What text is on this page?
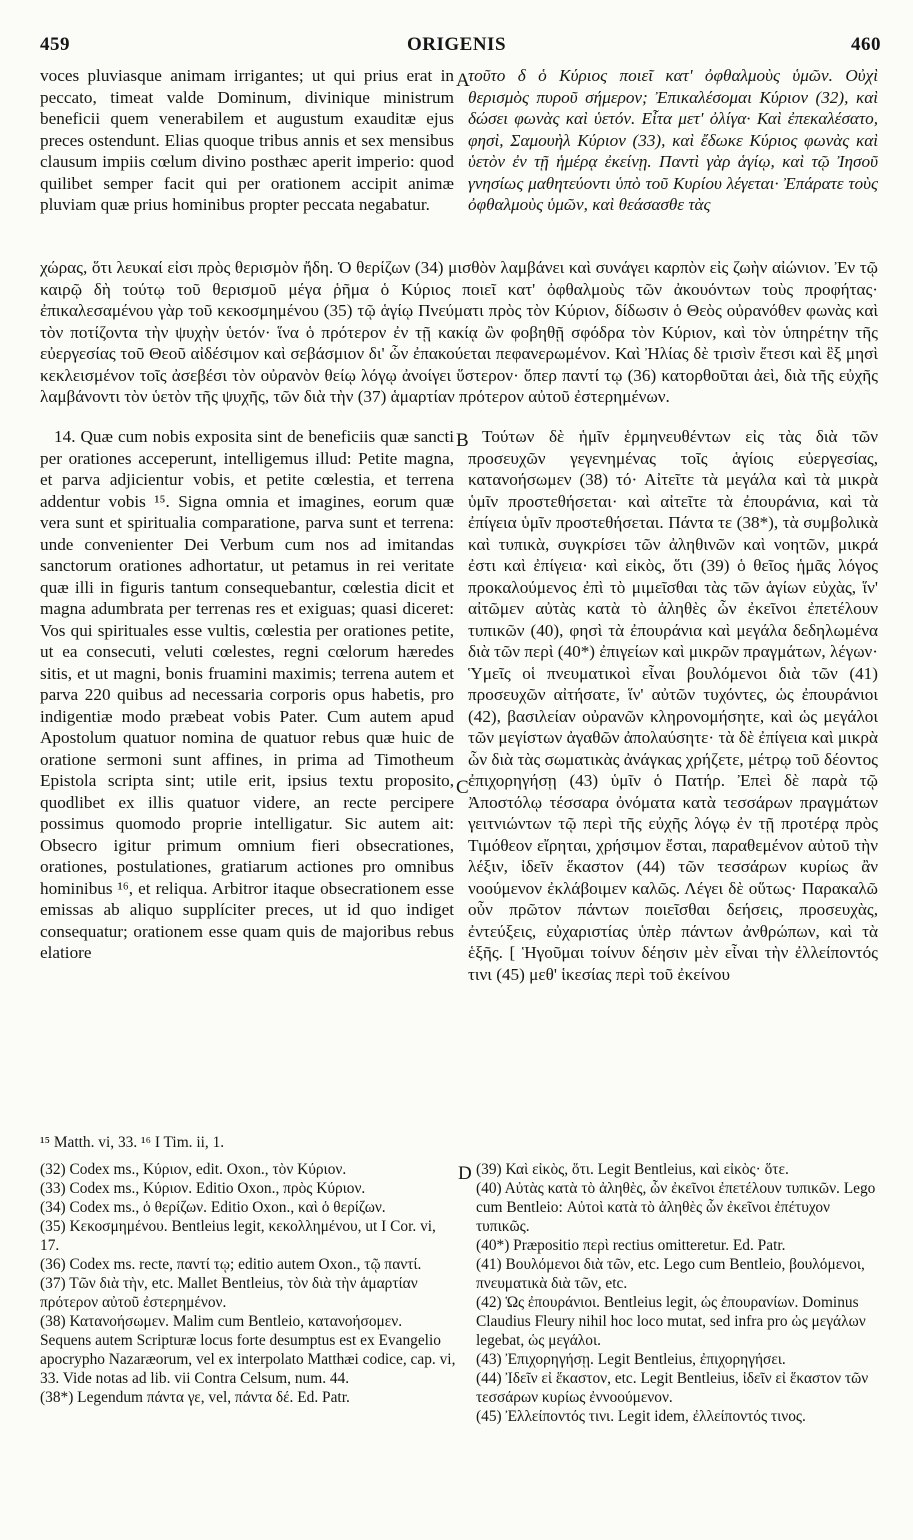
459	ORIGENIS	460
A
B
C
D

voces pluviasque animam irrigantes; ut qui prius erat in peccato, timeat valde Dominum, divinique ministrum beneficii quem venerabilem et augustum exauditæ ejus preces ostendunt. Elias quoque tribus annis et sex mensibus clausum impiis cœlum divino posthæc aperit imperio: quod quilibet semper facit qui per orationem accipit animæ pluviam quæ prius hominibus propter peccata negabatur.

τοῦτο δ ὁ Κύριος ποιεῖ κατ' ὀφθαλμοὺς ὑμῶν. Οὐχὶ θερισμὸς πυροῦ σήμερον; Ἐπικαλέσομαι Κύριον (32), καὶ δώσει φωνὰς καὶ ὑετόν. Εἶτα μετ' ὀλίγα· Καὶ ἐπεκαλέσατο, φησὶ, Σαμουὴλ Κύριον (33), καὶ ἔδωκε Κύριος φωνὰς καὶ ὑετὸν ἐν τῇ ἡμέρᾳ ἐκείνῃ. Παντὶ γὰρ ἁγίῳ, καὶ τῷ Ἰησοῦ γνησίως μαθητεύοντι ὑπὸ τοῦ Κυρίου λέγεται· Ἐπάρατε τοὺς ὀφθαλμοὺς ὑμῶν, καὶ θεάσασθε τὰς

χώρας, ὅτι λευκαί εἰσι πρὸς θερισμὸν ἤδη. Ὁ θερίζων (34) μισθὸν λαμβάνει καὶ συνάγει καρπὸν εἰς ζωὴν αἰώνιον. Ἐν τῷ καιρῷ δὴ τούτῳ τοῦ θερισμοῦ μέγα ῥῆμα ὁ Κύριος ποιεῖ κατ' ὀφθαλμοὺς τῶν ἀκουόντων τοὺς προφήτας· ἐπικαλεσαμένου γὰρ τοῦ κεκοσμημένου (35) τῷ ἁγίῳ Πνεύματι πρὸς τὸν Κύριον, δίδωσιν ὁ Θεὸς οὐρανόθεν φωνὰς καὶ τὸν ποτίζοντα τὴν ψυχὴν ὑετόν· ἵνα ὁ πρότερον ἐν τῇ κακίᾳ ὢν φοβηθῇ σφόδρα τὸν Κύριον, καὶ τὸν ὑπηρέτην τῆς εὐεργεσίας τοῦ Θεοῦ αἰδέσιμον καὶ σεβάσμιον δι' ὧν ἐπακούεται πεφανερωμένον. Καὶ Ἠλίας δὲ τρισὶν ἔτεσι καὶ ἓξ μησὶ κεκλεισμένον τοῖς ἀσεβέσι τὸν οὐρανὸν θείῳ λόγῳ ἀνοίγει ὕστερον· ὅπερ παντί τῳ (36) κατορθοῦται ἀεὶ, διὰ τῆς εὐχῆς λαμβάνοντι τὸν ὑετὸν τῆς ψυχῆς, τῶν διὰ τὴν (37) ἁμαρτίαν πρότερον αὐτοῦ ἐστερημένων.

14. Quæ cum nobis exposita sint de beneficiis quæ sancti per orationes acceperunt, intelligemus illud: Petite magna, et parva adjicientur vobis, et petite cœlestia, et terrena addentur vobis ¹⁵. Signa omnia et imagines, eorum quæ vera sunt et spiritualia comparatione, parva sunt et terrena: unde convenienter Dei Verbum cum nos ad imitandas sanctorum orationes adhortatur, ut petamus in rei veritate quæ illi in figuris tantum consequebantur, cœlestia dicit et magna adumbrata per terrenas res et exiguas; quasi diceret: Vos qui spirituales esse vultis, cœlestia per orationes petite, ut ea consecuti, veluti cœlestes, regni cœlorum hæredes sitis, et ut magni, bonis fruamini maximis; terrena autem et parva 220 quibus ad necessaria corporis opus habetis, pro indigentiæ modo præbeat vobis Pater. Cum autem apud Apostolum quatuor nomina de quatuor rebus quæ huic de oratione sermoni sunt affines, in prima ad Timotheum Epistola scripta sint; utile erit, ipsius textu proposito, quodlibet ex illis quatuor videre, an recte percipere possimus quomodo proprie intelligatur. Sic autem ait: Obsecro igitur primum omnium fieri obsecrationes, orationes, postulationes, gratiarum actiones pro omnibus hominibus ¹⁶, et reliqua. Arbitror itaque obsecrationem esse emissas ab aliquo supplíciter preces, ut id quo indiget consequatur; orationem esse quam quis de majoribus rebus elatiore

Τούτων δὲ ἡμῖν ἑρμηνευθέντων εἰς τὰς διὰ τῶν προσευχῶν γεγενημένας τοῖς ἁγίοις εὐεργεσίας, κατανοήσωμεν (38) τό· Αἰτεῖτε τὰ μεγάλα καὶ τὰ μικρὰ ὑμῖν προστεθήσεται· καὶ αἰτεῖτε τὰ ἐπουράνια, καὶ τὰ ἐπίγεια ὑμῖν προστεθήσεται. Πάντα τε (38*), τὰ συμβολικὰ καὶ τυπικὰ, συγκρίσει τῶν ἀληθινῶν καὶ νοητῶν, μικρά ἐστι καὶ ἐπίγεια· καὶ εἰκὸς, ὅτι (39) ὁ θεῖος ἡμᾶς λόγος προκαλούμενος ἐπὶ τὸ μιμεῖσθαι τὰς τῶν ἁγίων εὐχὰς, ἵν' αἰτῶμεν αὐτὰς κατὰ τὸ ἀληθὲς ὧν ἐκεῖνοι ἐπετέλουν τυπικῶν (40), φησὶ τὰ ἐπουράνια καὶ μεγάλα δεδηλωμένα διὰ τῶν περὶ (40*) ἐπιγείων καὶ μικρῶν πραγμάτων, λέγων· Ὑμεῖς οἱ πνευματικοὶ εἶναι βουλόμενοι διὰ τῶν (41) προσευχῶν αἰτήσατε, ἵν' αὐτῶν τυχόντες, ὡς ἐπουράνιοι (42), βασιλείαν οὐρανῶν κληρονομήσητε, καὶ ὡς μεγάλοι τῶν μεγίστων ἀγαθῶν ἀπολαύσητε· τὰ δὲ ἐπίγεια καὶ μικρὰ ὧν διὰ τὰς σωματικὰς ἀνάγκας χρήζετε, μέτρῳ τοῦ δέοντος ἐπιχορηγήσῃ (43) ὑμῖν ὁ Πατήρ. Ἐπεὶ δὲ παρὰ τῷ Ἀποστόλῳ τέσσαρα ὀνόματα κατὰ τεσσάρων πραγμάτων γειτνιώντων τῷ περὶ τῆς εὐχῆς λόγῳ ἐν τῇ προτέρᾳ πρὸς Τιμόθεον εἴρηται, χρήσιμον ἔσται, παραθεμένον αὐτοῦ τὴν λέξιν, ἰδεῖν ἕκαστον (44) τῶν τεσσάρων κυρίως ἂν νοούμενον ἐκλάβοιμεν καλῶς. Λέγει δὲ οὕτως· Παρακαλῶ οὖν πρῶτον πάντων ποιεῖσθαι δεήσεις, προσευχὰς, ἐντεύξεις, εὐχαριστίας ὑπὲρ πάντων ἀνθρώπων, καὶ τὰ ἑξῆς. [ Ἡγοῦμαι τοίνυν δέησιν μὲν εἶναι τὴν ἐλλείποντός τινι (45) μεθ' ἱκεσίας περὶ τοῦ ἐκείνου

¹⁵ Matth. vi, 33. ¹⁶ I Tim. ii, 1.

(32) Codex ms., Κύριον, edit. Oxon., τὸν Κύριον.

(33) Codex ms., Κύριον. Editio Oxon., πρὸς Κύριον.

(34) Codex ms., ὁ θερίζων. Editio Oxon., καὶ ὁ θερίζων.

(35) Κεκοσμημένου. Bentleius legit, κεκολλημένου, ut I Cor. vi, 17.

(36) Codex ms. recte, παντί τῳ; editio autem Oxon., τῷ παντί.

(37) Τῶν διὰ τὴν, etc. Mallet Bentleius, τὸν διὰ τὴν ἁμαρτίαν πρότερον αὐτοῦ ἐστερημένον.

(38) Κατανοήσωμεν. Malim cum Bentleio, κατανοήσομεν. Sequens autem Scripturæ locus forte desumptus est ex Evangelio apocrypho Nazaræorum, vel ex interpolato Matthæi codice, cap. vi, 33. Vide notas ad lib. vii Contra Celsum, num. 44.

(38*) Legendum πάντα γε, vel, πάντα δέ. Ed. Patr.

(39) Καὶ εἰκὸς, ὅτι. Legit Bentleius, καὶ εἰκὸς· ὅτε.

(40) Αὐτὰς κατὰ τὸ ἀληθὲς, ὧν ἐκεῖνοι ἐπετέλουν τυπικῶν. Lego cum Bentleio: Αὐτοὶ κατὰ τὸ ἀληθὲς ὧν ἐκεῖνοι ἐπέτυχον τυπικῶς.

(40*) Præpositio περὶ rectius omitteretur. Ed. Patr.

(41) Βουλόμενοι διὰ τῶν, etc. Lego cum Bentleio, βουλόμενοι, πνευματικὰ διὰ τῶν, etc.

(42) Ὡς ἐπουράνιοι. Bentleius legit, ὡς ἐπουρανίων. Dominus Claudius Fleury nihil hoc loco mutat, sed infra pro ὡς μεγάλων legebat, ὡς μεγάλοι.

(43) Ἐπιχορηγήσῃ. Legit Bentleius, ἐπιχορηγήσει.

(44) Ἰδεῖν εἰ ἕκαστον, etc. Legit Bentleius, ἰδεῖν εἰ ἕκαστον τῶν τεσσάρων κυρίως ἐννοούμενον.

(45) Ἐλλείποντός τινι. Legit idem, ἐλλείποντός τινος.
